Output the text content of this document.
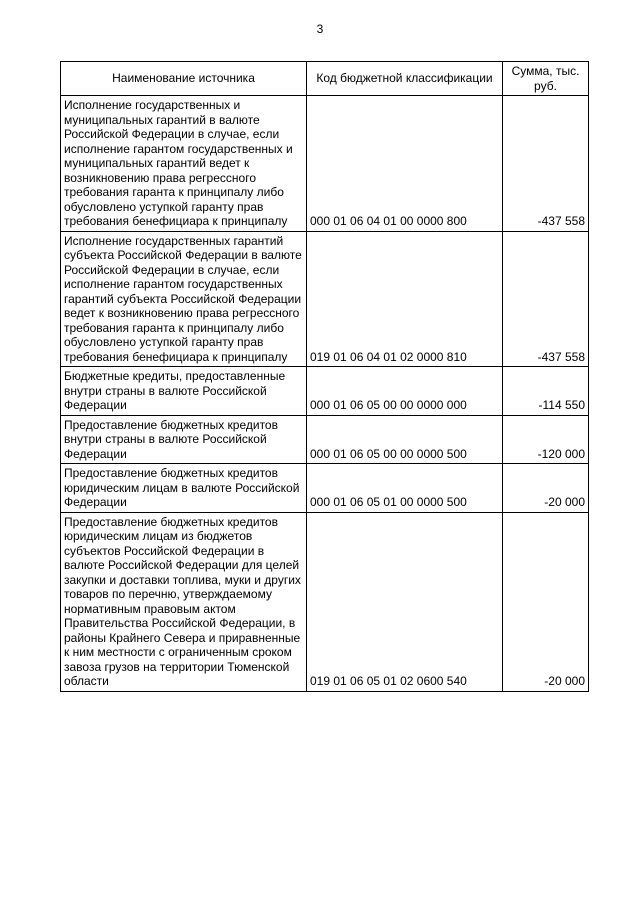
3
Наименование источника	Код бюджетной классификации	Сумма, тыс. руб.
Исполнение государственных и муниципальных гарантий в валюте Российской Федерации в случае, если исполнение гарантом государственных и муниципальных гарантий ведет к возникновению права регрессного требования гаранта к принципалу либо обусловлено уступкой гаранту прав требования бенефициара к принципалу	000 01 06 04 01 00 0000 800	-437 558
Исполнение государственных гарантий субъекта Российской Федерации в валюте Российской Федерации в случае, если исполнение гарантом государственных гарантий субъекта Российской Федерации ведет к возникновению права регрессного требования гаранта к принципалу либо обусловлено уступкой гаранту прав требования бенефициара к принципалу	019 01 06 04 01 02 0000 810	-437 558
Бюджетные кредиты, предоставленные внутри страны в валюте Российской Федерации	000 01 06 05 00 00 0000 000	-114 550
Предоставление бюджетных кредитов внутри страны в валюте Российской Федерации	000 01 06 05 00 00 0000 500	-120 000
Предоставление бюджетных кредитов юридическим лицам в валюте Российской Федерации	000 01 06 05 01 00 0000 500	-20 000
Предоставление бюджетных кредитов юридическим лицам из бюджетов субъектов Российской Федерации в валюте Российской Федерации для целей закупки и доставки топлива, муки и других товаров по перечню, утверждаемому нормативным правовым актом Правительства Российской Федерации, в районы Крайнего Севера и приравненные к ним местности с ограниченным сроком завоза грузов на территории Тюменской области	019 01 06 05 01 02 0600 540	-20 000
